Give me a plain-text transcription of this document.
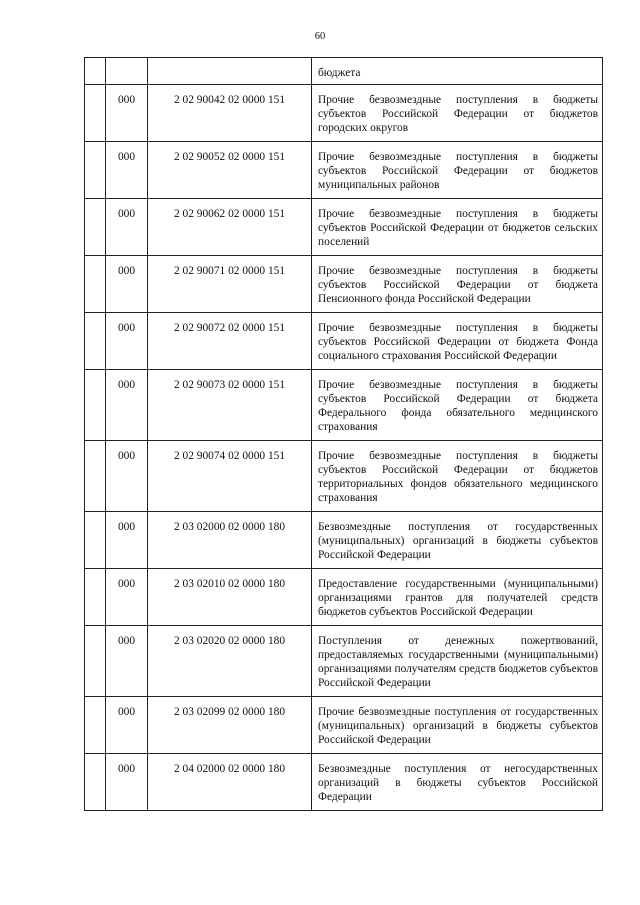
60
			бюджета
	000	2 02 90042 02 0000 151	Прочие безвозмездные поступления в бюджеты субъектов Российской Федерации от бюджетов городских округов
	000	2 02 90052 02 0000 151	Прочие безвозмездные поступления в бюджеты субъектов Российской Федерации от бюджетов муниципальных районов
	000	2 02 90062 02 0000 151	Прочие безвозмездные поступления в бюджеты субъектов Российской Федерации от бюджетов сельских поселений
	000	2 02 90071 02 0000 151	Прочие безвозмездные поступления в бюджеты субъектов Российской Федерации от бюджета Пенсионного фонда Российской Федерации
	000	2 02 90072 02 0000 151	Прочие безвозмездные поступления в бюджеты субъектов Российской Федерации от бюджета Фонда социального страхования Российской Федерации
	000	2 02 90073 02 0000 151	Прочие безвозмездные поступления в бюджеты субъектов Российской Федерации от бюджета Федерального фонда обязательного медицинского страхования
	000	2 02 90074 02 0000 151	Прочие безвозмездные поступления в бюджеты субъектов Российской Федерации от бюджетов территориальных фондов обязательного медицинского страхования
	000	2 03 02000 02 0000 180	Безвозмездные поступления от государственных (муниципальных) организаций в бюджеты субъектов Российской Федерации
	000	2 03 02010 02 0000 180	Предоставление государственными (муниципальными) организациями грантов для получателей средств бюджетов субъектов Российской Федерации
	000	2 03 02020 02 0000 180	Поступления от денежных пожертвований, предоставляемых государственными (муниципальными) организациями получателям средств бюджетов субъектов Российской Федерации
	000	2 03 02099 02 0000 180	Прочие безвозмездные поступления от государственных (муниципальных) организаций в бюджеты субъектов Российской Федерации
	000	2 04 02000 02 0000 180	Безвозмездные поступления от негосударственных организаций в бюджеты субъектов Российской Федерации
